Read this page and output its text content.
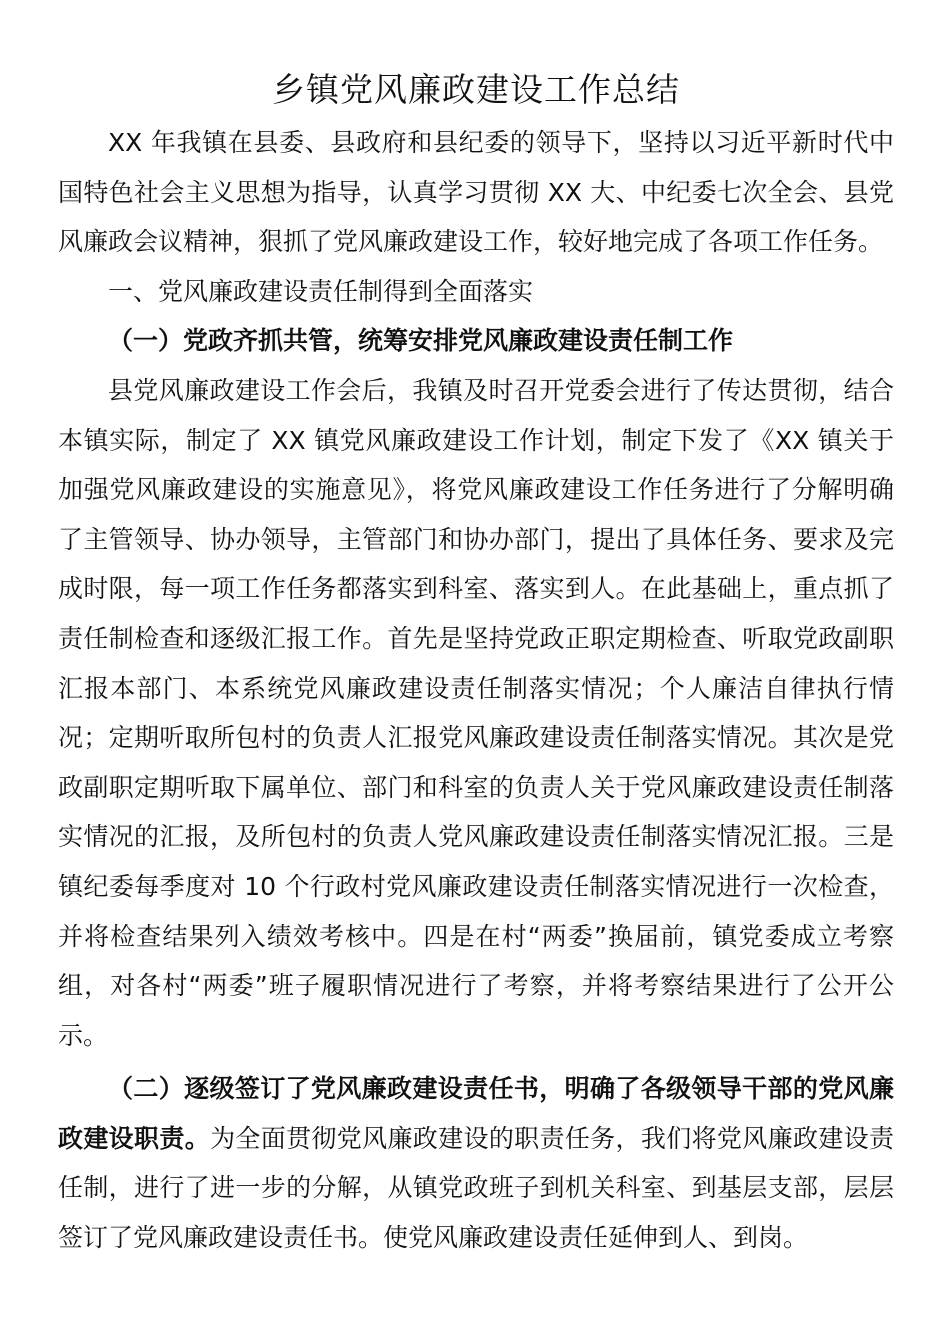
乡镇党风廉政建设工作总结

XX 年我镇在县委、县政府和县纪委的领导下，坚持以习近平新时代中国特色社会主义思想为指导，认真学习贯彻 XX 大、中纪委七次全会、县党风廉政会议精神，狠抓了党风廉政建设工作，较好地完成了各项工作任务。

一、党风廉政建设责任制得到全面落实

（一）党政齐抓共管，统筹安排党风廉政建设责任制工作

县党风廉政建设工作会后，我镇及时召开党委会进行了传达贯彻，结合本镇实际，制定了 XX 镇党风廉政建设工作计划，制定下发了《XX 镇关于加强党风廉政建设的实施意见》，将党风廉政建设工作任务进行了分解明确了主管领导、协办领导，主管部门和协办部门，提出了具体任务、要求及完成时限，每一项工作任务都落实到科室、落实到人。在此基础上，重点抓了责任制检查和逐级汇报工作。首先是坚持党政正职定期检查、听取党政副职汇报本部门、本系统党风廉政建设责任制落实情况；个人廉洁自律执行情况；定期听取所包村的负责人汇报党风廉政建设责任制落实情况。其次是党政副职定期听取下属单位、部门和科室的负责人关于党风廉政建设责任制落实情况的汇报，及所包村的负责人党风廉政建设责任制落实情况汇报。三是镇纪委每季度对 10 个行政村党风廉政建设责任制落实情况进行一次检查，并将检查结果列入绩效考核中。四是在村“两委”换届前，镇党委成立考察组，对各村“两委”班子履职情况进行了考察，并将考察结果进行了公开公示。

（二）逐级签订了党风廉政建设责任书，明确了各级领导干部的党风廉政建设职责。为全面贯彻党风廉政建设的职责任务，我们将党风廉政建设责任制，进行了进一步的分解，从镇党政班子到机关科室、到基层支部，层层签订了党风廉政建设责任书。使党风廉政建设责任延伸到人、到岗。
